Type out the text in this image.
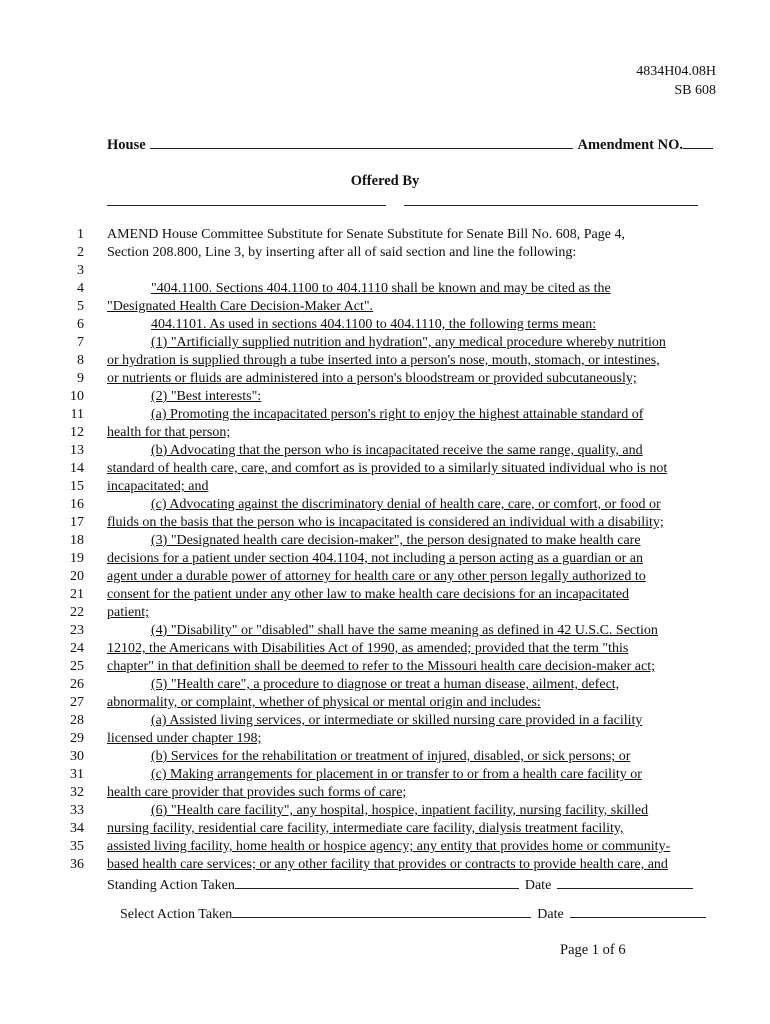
4834H04.08H
SB 608
House	Amendment NO.
Offered By
1 AMEND House Committee Substitute for Senate Substitute for Senate Bill No. 608, Page 4,
2 Section 208.800, Line 3, by inserting after all of said section and line the following:
3
4	"404.1100. Sections 404.1100 to 404.1110 shall be known and may be cited as the
5 "Designated Health Care Decision-Maker Act".
6	404.1101. As used in sections 404.1100 to 404.1110, the following terms mean:
7	(1) "Artificially supplied nutrition and hydration", any medical procedure whereby nutrition
8 or hydration is supplied through a tube inserted into a person's nose, mouth, stomach, or intestines,
9 or nutrients or fluids are administered into a person's bloodstream or provided subcutaneously;
10	(2) "Best interests":
11	(a) Promoting the incapacitated person's right to enjoy the highest attainable standard of
12 health for that person;
13	(b) Advocating that the person who is incapacitated receive the same range, quality, and
14 standard of health care, care, and comfort as is provided to a similarly situated individual who is not
15 incapacitated; and
16	(c) Advocating against the discriminatory denial of health care, care, or comfort, or food or
17 fluids on the basis that the person who is incapacitated is considered an individual with a disability;
18	(3) "Designated health care decision-maker", the person designated to make health care
19 decisions for a patient under section 404.1104, not including a person acting as a guardian or an
20 agent under a durable power of attorney for health care or any other person legally authorized to
21 consent for the patient under any other law to make health care decisions for an incapacitated
22 patient;
23	(4) "Disability" or "disabled" shall have the same meaning as defined in 42 U.S.C. Section
24 12102, the Americans with Disabilities Act of 1990, as amended; provided that the term "this
25 chapter" in that definition shall be deemed to refer to the Missouri health care decision-maker act;
26	(5) "Health care", a procedure to diagnose or treat a human disease, ailment, defect,
27 abnormality, or complaint, whether of physical or mental origin and includes:
28	(a) Assisted living services, or intermediate or skilled nursing care provided in a facility
29 licensed under chapter 198;
30	(b) Services for the rehabilitation or treatment of injured, disabled, or sick persons; or
31	(c) Making arrangements for placement in or transfer to or from a health care facility or
32 health care provider that provides such forms of care;
33	(6) "Health care facility", any hospital, hospice, inpatient facility, nursing facility, skilled
34 nursing facility, residential care facility, intermediate care facility, dialysis treatment facility,
35 assisted living facility, home health or hospice agency; any entity that provides home or community-
36 based health care services; or any other facility that provides or contracts to provide health care, and
Standing Action Taken	Date
Select Action Taken	Date
Page 1 of 6
